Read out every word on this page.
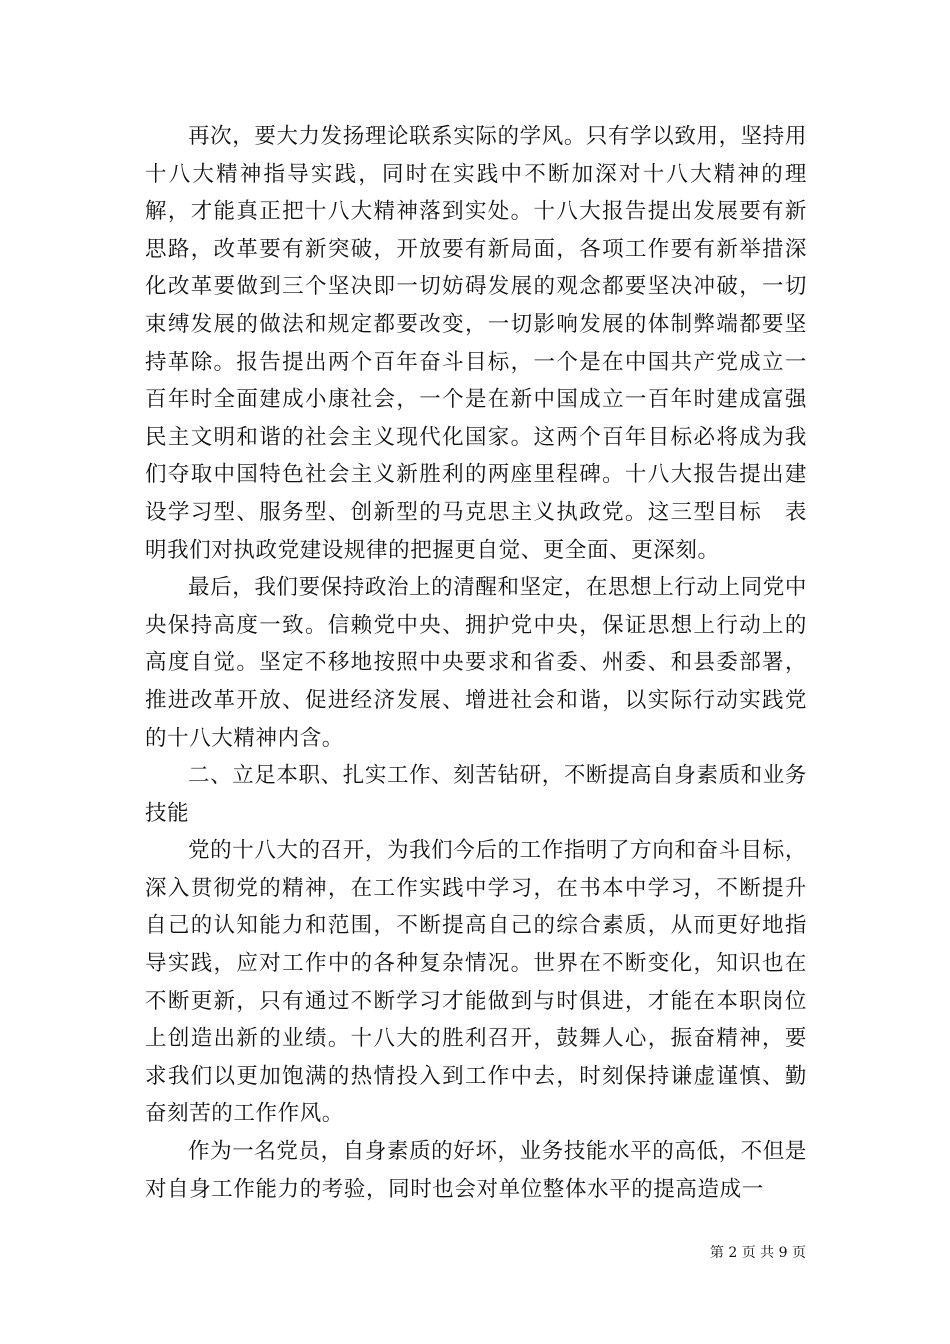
再次，要大力发扬理论联系实际的学风。只有学以致用，坚持用十八大精神指导实践，同时在实践中不断加深对十八大精神的理解，才能真正把十八大精神落到实处。十八大报告提出发展要有新思路，改革要有新突破，开放要有新局面，各项工作要有新举措深化改革要做到三个坚决即一切妨碍发展的观念都要坚决冲破，一切束缚发展的做法和规定都要改变，一切影响发展的体制弊端都要坚持革除。报告提出两个百年奋斗目标，一个是在中国共产党成立一百年时全面建成小康社会，一个是在新中国成立一百年时建成富强民主文明和谐的社会主义现代化国家。这两个百年目标必将成为我们夺取中国特色社会主义新胜利的两座里程碑。十八大报告提出建设学习型、服务型、创新型的马克思主义执政党。这三型目标　表明我们对执政党建设规律的把握更自觉、更全面、更深刻。

最后，我们要保持政治上的清醒和坚定，在思想上行动上同党中央保持高度一致。信赖党中央、拥护党中央，保证思想上行动上的高度自觉。坚定不移地按照中央要求和省委、州委、和县委部署，推进改革开放、促进经济发展、增进社会和谐，以实际行动实践党的十八大精神内含。

二、立足本职、扎实工作、刻苦钻研，不断提高自身素质和业务技能

党的十八大的召开，为我们今后的工作指明了方向和奋斗目标，深入贯彻党的精神，在工作实践中学习，在书本中学习，不断提升自己的认知能力和范围，不断提高自己的综合素质，从而更好地指导实践，应对工作中的各种复杂情况。世界在不断变化，知识也在不断更新，只有通过不断学习才能做到与时俱进，才能在本职岗位上创造出新的业绩。十八大的胜利召开，鼓舞人心，振奋精神，要求我们以更加饱满的热情投入到工作中去，时刻保持谦虚谨慎、勤奋刻苦的工作作风。

作为一名党员，自身素质的好坏，业务技能水平的高低，不但是对自身工作能力的考验，同时也会对单位整体水平的提高造成一

第 2 页 共 9 页
